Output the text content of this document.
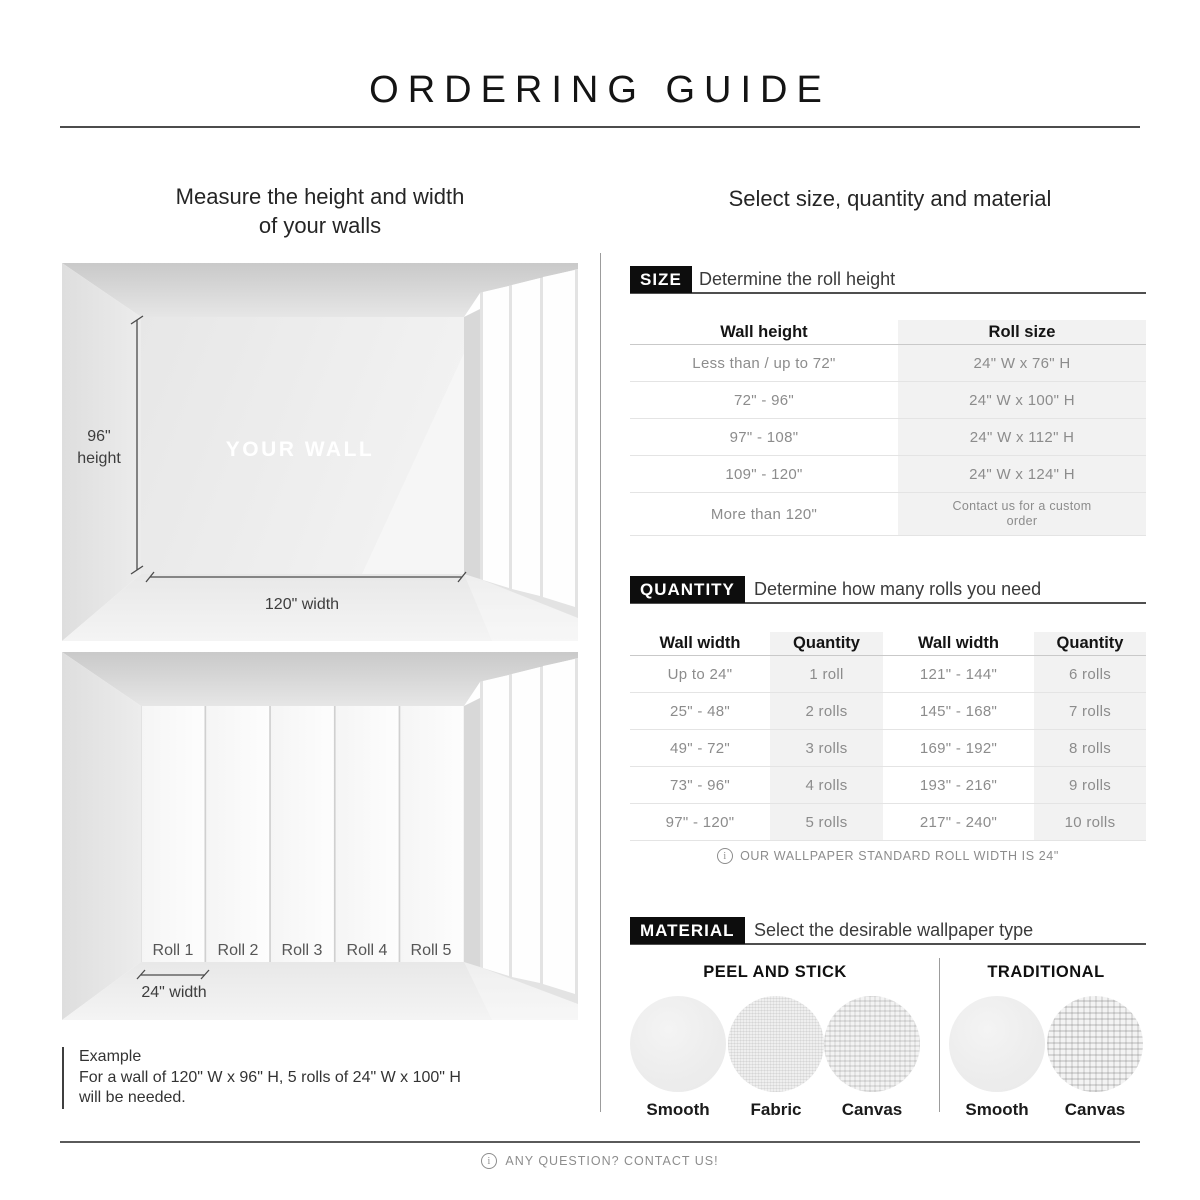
ORDERING GUIDE
Measure the height and width
of your walls
96"
height	YOUR WALL
120" width
Roll 1	Roll 2	Roll 3	Roll 4	Roll 5
24" width
Example
For a wall of 120" W x 96" H, 5 rolls of 24" W x 100" H
will be needed.
Select size, quantity and material
SIZE Determine the roll height
Wall height	Roll size
Less than / up to 72"	24" W x 76" H
72" - 96"	24" W x 100" H
97" - 108"	24" W x 112" H
109" - 120"	24" W x 124" H
More than 120"	Contact us for a custom order
QUANTITY	Determine how many rolls you need
Wall width	Quantity	Wall width	Quantity
Up to 24"	1 roll	121" - 144"	6 rolls
25" - 48"	2 rolls	145" - 168"	7 rolls
49" - 72"	3 rolls	169" - 192"	8 rolls
73" - 96"	4 rolls	193" - 216"	9 rolls
97" - 120"	5 rolls	217" - 240"	10 rolls
i	OUR WALLPAPER STANDARD ROLL WIDTH IS 24"
MATERIAL	Select the desirable wallpaper type
PEEL AND STICK	TRADITIONAL
Smooth	Fabric	Canvas	Smooth	Canvas
i	ANY QUESTION? CONTACT US!
